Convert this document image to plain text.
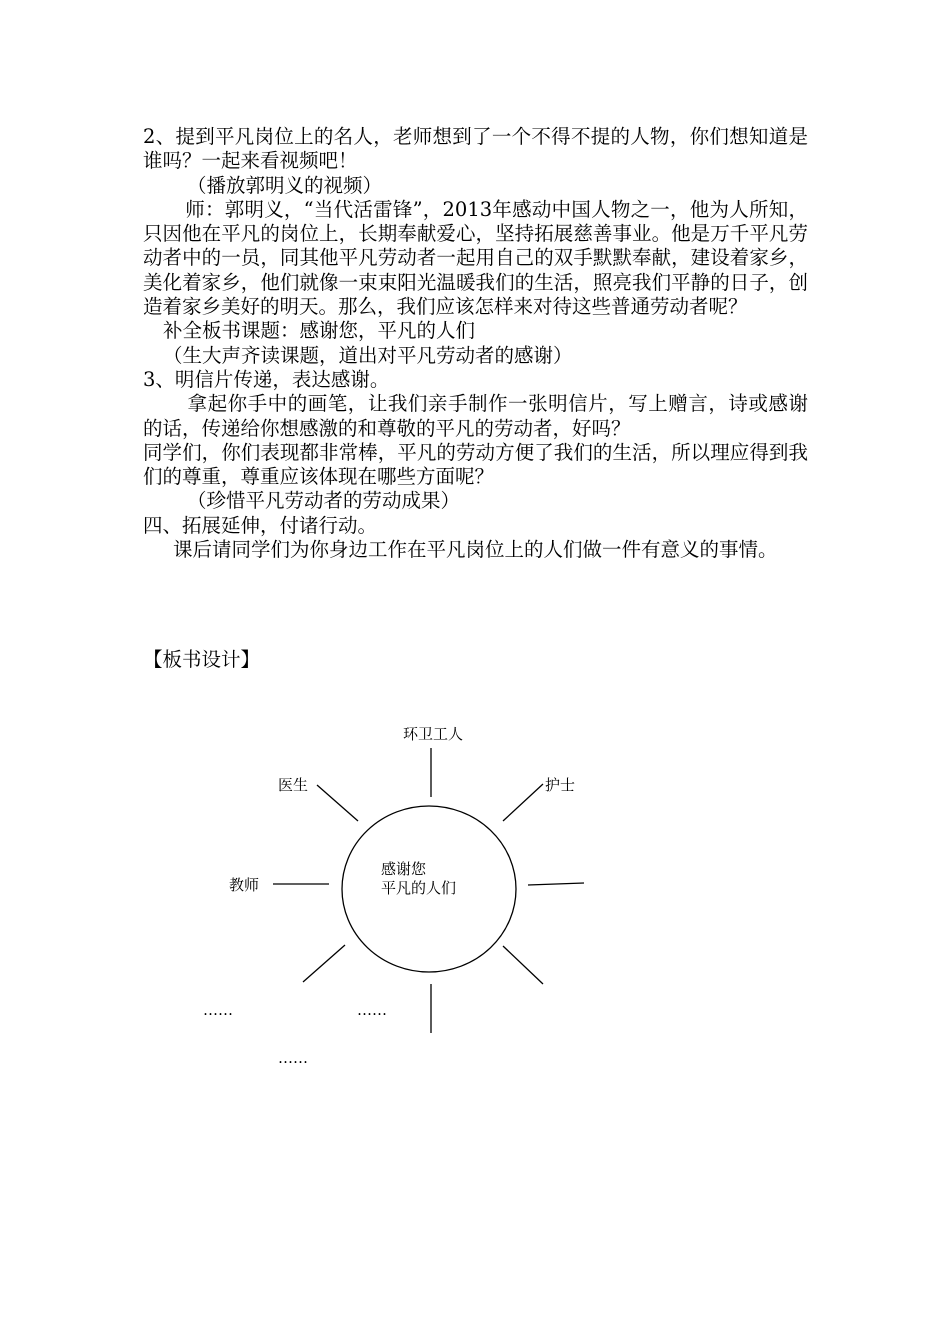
2、提到平凡岗位上的名人，老师想到了一个不得不提的人物，你们想知道是谁吗？一起来看视频吧！

（播放郭明义的视频）

师：郭明义，“当代活雷锋”，2013年感动中国人物之一，他为人所知，只因他在平凡的岗位上，长期奉献爱心，坚持拓展慈善事业。他是万千平凡劳动者中的一员，同其他平凡劳动者一起用自己的双手默默奉献，建设着家乡，美化着家乡，他们就像一束束阳光温暖我们的生活，照亮我们平静的日子，创造着家乡美好的明天。那么，我们应该怎样来对待这些普通劳动者呢？

补全板书课题：感谢您，平凡的人们

（生大声齐读课题，道出对平凡劳动者的感谢）

3、明信片传递，表达感谢。

拿起你手中的画笔，让我们亲手制作一张明信片，写上赠言，诗或感谢的话，传递给你想感激的和尊敬的平凡的劳动者，好吗？

同学们，你们表现都非常棒，平凡的劳动方便了我们的生活，所以理应得到我们的尊重，尊重应该体现在哪些方面呢？

（珍惜平凡劳动者的劳动成果）

四、拓展延伸，付诸行动。

课后请同学们为你身边工作在平凡岗位上的人们做一件有意义的事情。

【板书设计】
感谢您
平凡的人们
环卫工人
医生	护士
教师
……	……
……
